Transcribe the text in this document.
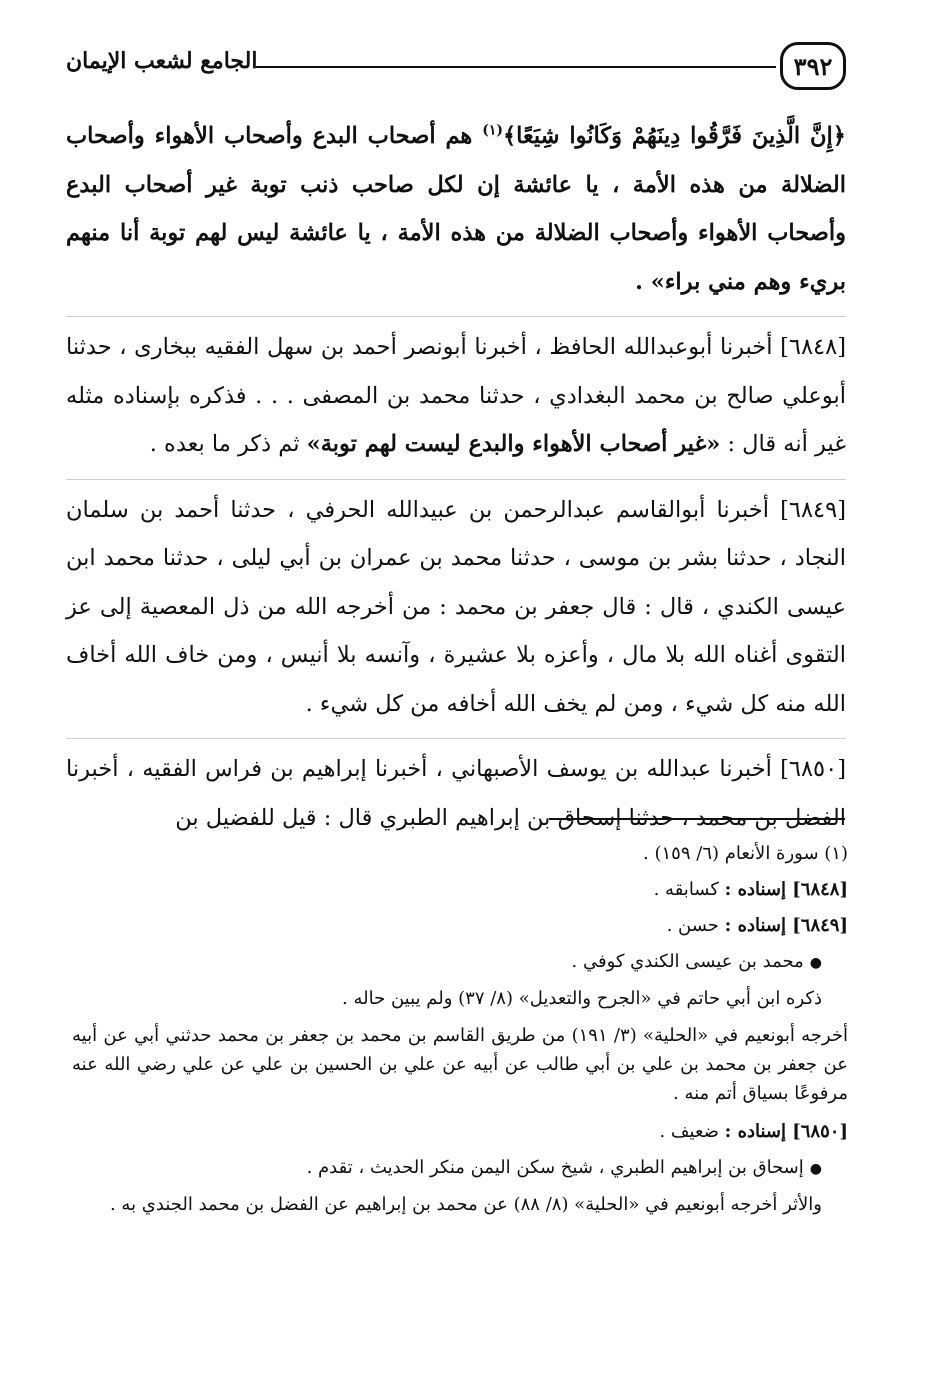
٣٩٢
الجامع لشعب الإيمان

﴿إِنَّ الَّذِينَ فَرَّقُوا دِينَهُمْ وَكَانُوا شِيَعًا﴾$^{(١)}$ هم أصحاب البدع وأصحاب الأهواء وأصحاب الضلالة من هذه الأمة ، يا عائشة إن لكل صاحب ذنب توبة غير أصحاب البدع وأصحاب الأهواء وأصحاب الضلالة من هذه الأمة ، يا عائشة ليس لهم توبة أنا منهم بريء وهم مني براء» .

[٦٨٤٨] أخبرنا أبوعبدالله الحافظ ، أخبرنا أبونصر أحمد بن سهل الفقيه ببخارى ، حدثنا أبوعلي صالح بن محمد البغدادي ، حدثنا محمد بن المصفى . . . فذكره بإسناده مثله غير أنه قال : «غير أصحاب الأهواء والبدع ليست لهم توبة» ثم ذكر ما بعده .

[٦٨٤٩] أخبرنا أبوالقاسم عبدالرحمن بن عبيدالله الحرفي ، حدثنا أحمد بن سلمان النجاد ، حدثنا بشر بن موسى ، حدثنا محمد بن عمران بن أبي ليلى ، حدثنا محمد ابن عيسى الكندي ، قال : قال جعفر بن محمد : من أخرجه الله من ذل المعصية إلى عز التقوى أغناه الله بلا مال ، وأعزه بلا عشيرة ، وآنسه بلا أنيس ، ومن خاف الله أخاف الله منه كل شيء ، ومن لم يخف الله أخافه من كل شيء .

[٦٨٥٠] أخبرنا عبدالله بن يوسف الأصبهاني ، أخبرنا إبراهيم بن فراس الفقيه ، أخبرنا الفضل بن محمد ، حدثنا إسحاق بن إبراهيم الطبري قال : قيل للفضيل بن

(١) سورة الأنعام (٦/ ١٥٩) .

[٦٨٤٨] إسناده : كسابقه .

[٦٨٤٩] إسناده : حسن .

●محمد بن عيسى الكندي كوفي .

ذكره ابن أبي حاتم في «الجرح والتعديل» (٨/ ٣٧) ولم يبين حاله .

أخرجه أبونعيم في «الحلية» (٣/ ١٩١) من طريق القاسم بن محمد بن جعفر بن محمد حدثني أبي عن أبيه عن جعفر بن محمد بن علي بن أبي طالب عن أبيه عن علي بن الحسين بن علي عن علي رضي الله عنه مرفوعًا بسياق أتم منه .

[٦٨٥٠] إسناده : ضعيف .

●إسحاق بن إبراهيم الطبري ، شيخ سكن اليمن منكر الحديث ، تقدم .

والأثر أخرجه أبونعيم في «الحلية» (٨/ ٨٨) عن محمد بن إبراهيم عن الفضل بن محمد الجندي به .
